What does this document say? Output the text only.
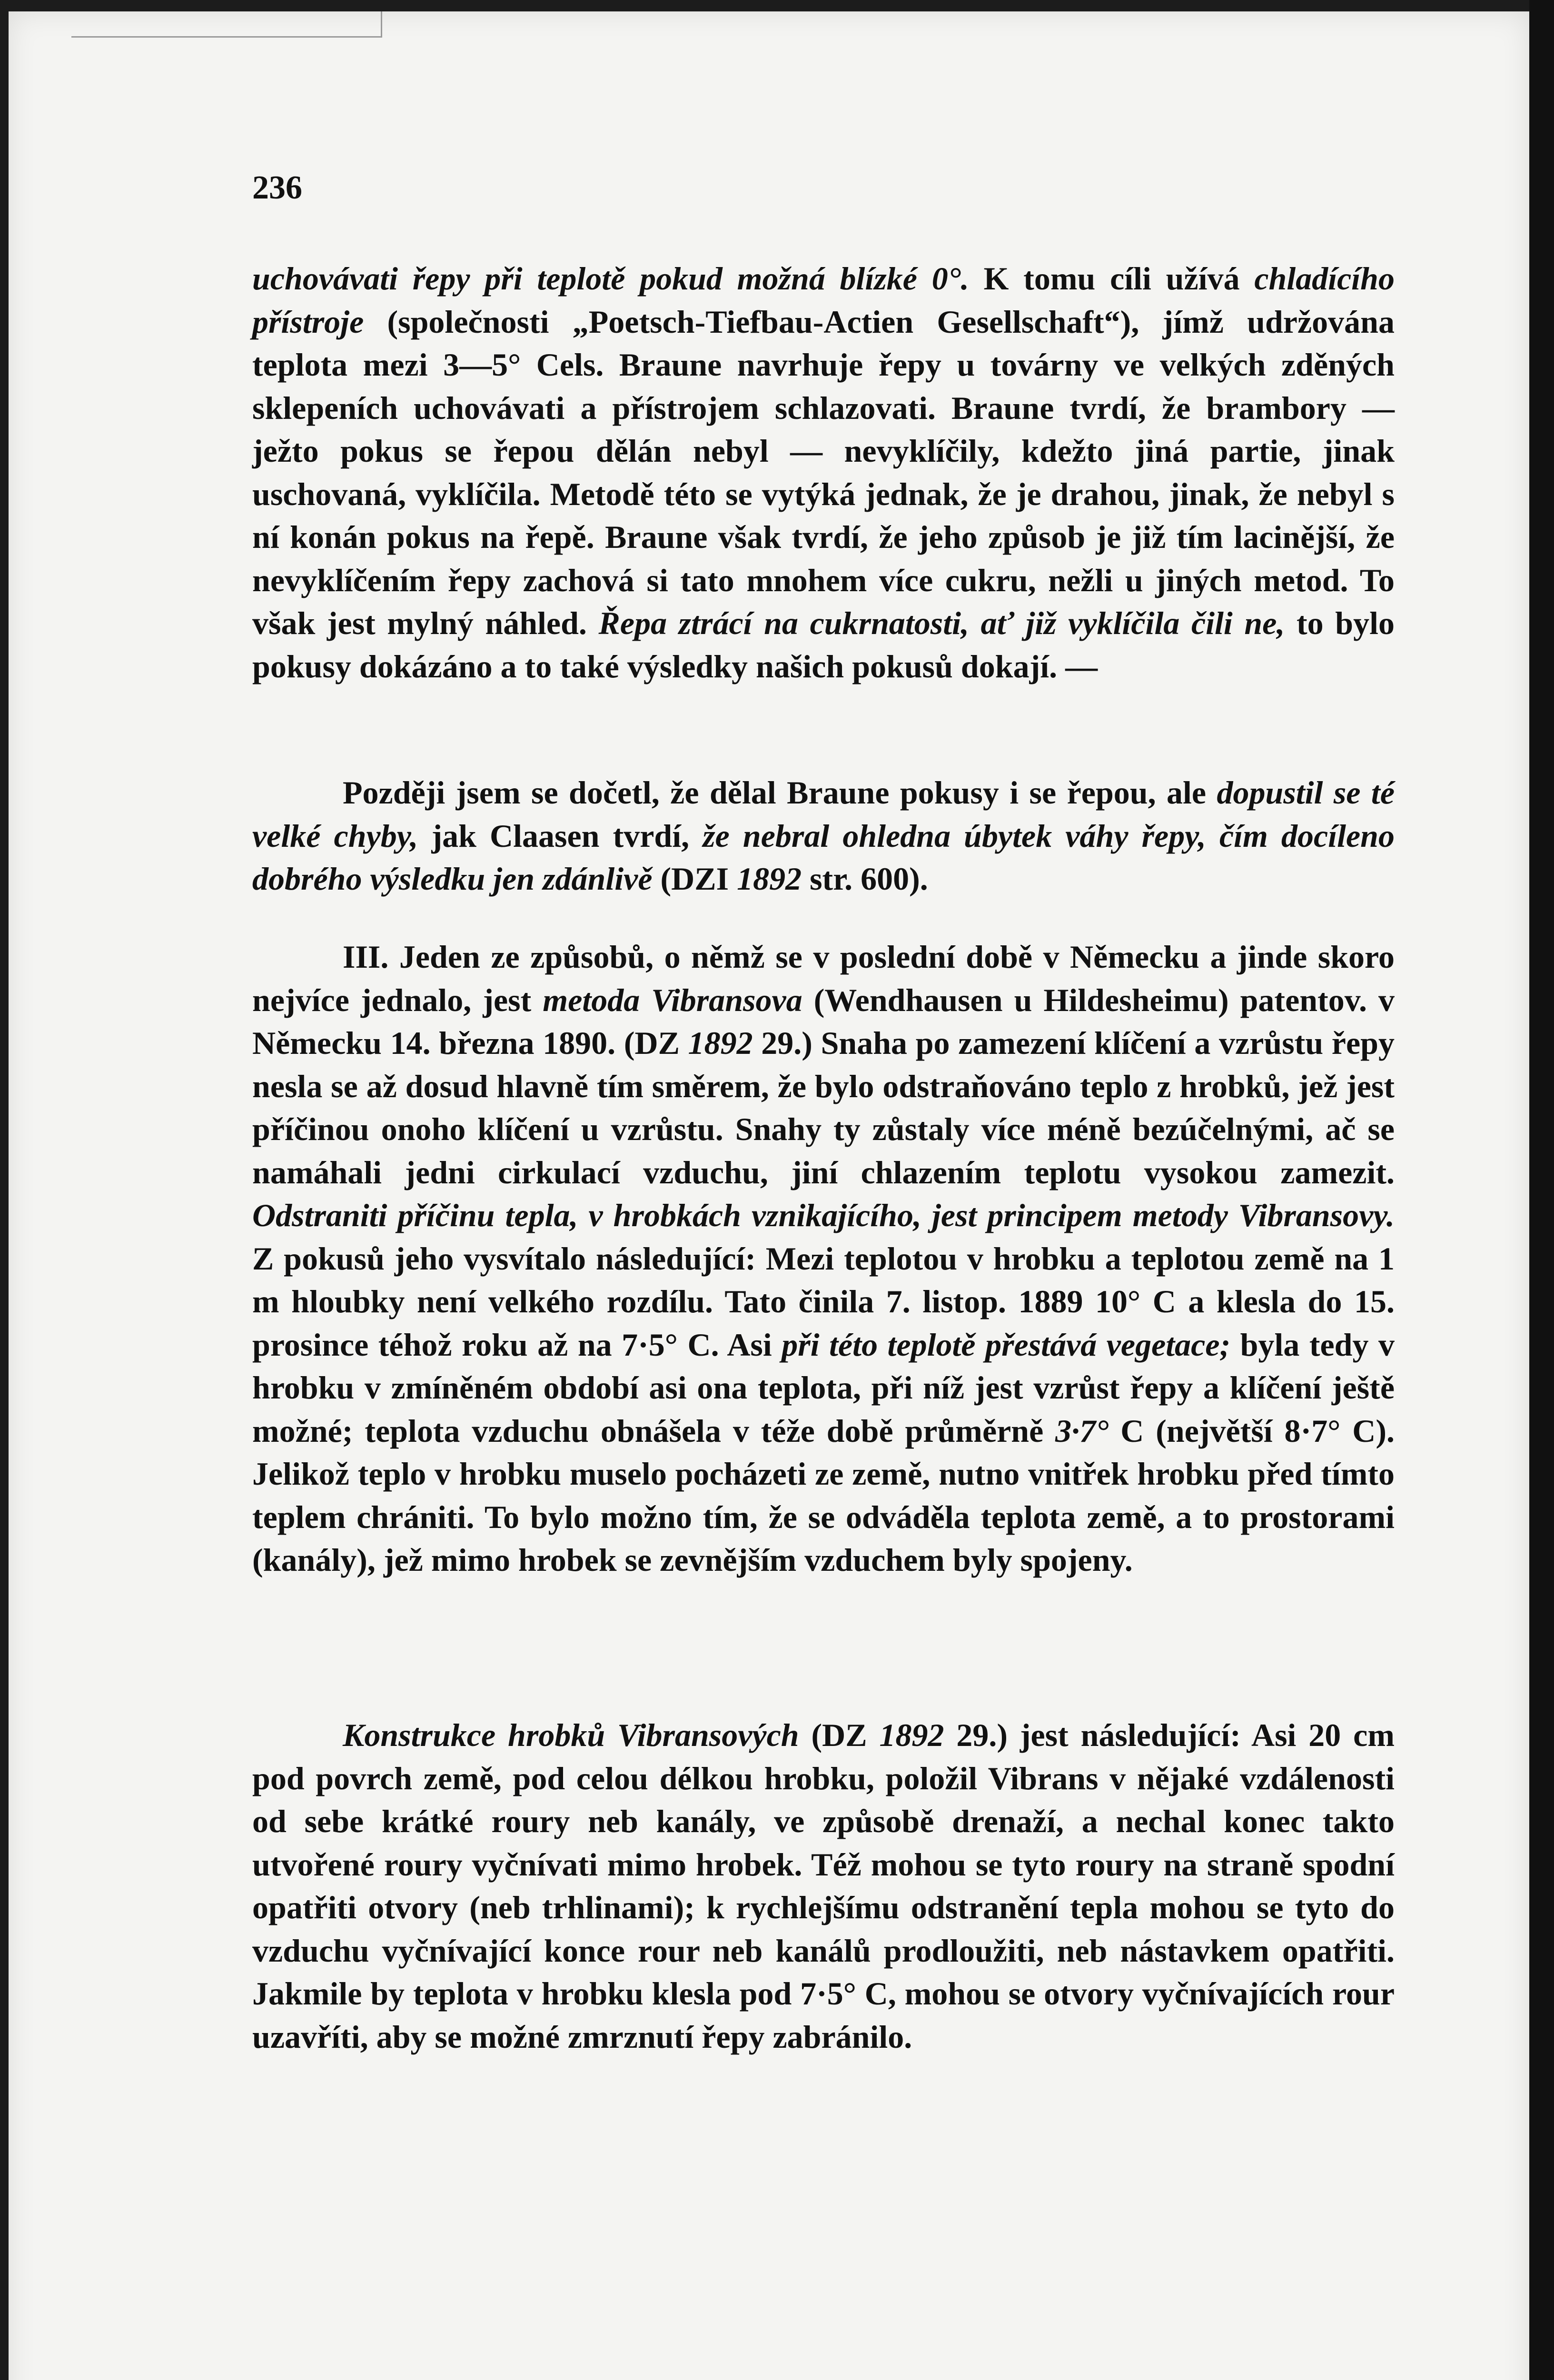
236

uchovávati řepy při teplotě pokud možná blízké 0°. K tomu cíli užívá chladícího přístroje (společnosti „Poetsch-Tiefbau-Actien Gesellschaft“), jímž udržována teplota mezi 3—5° Cels. Braune navrhuje řepy u továrny ve velkých zděných sklepeních uchovávati a přístrojem schlazovati. Braune tvrdí, že brambory — ježto pokus se řepou dělán nebyl — nevyklíčily, kdežto jiná partie, jinak uschovaná, vyklíčila. Metodě této se vytýká jednak, že je drahou, jinak, že nebyl s ní konán pokus na řepě. Braune však tvrdí, že jeho způsob je již tím lacinější, že nevyklíčením řepy zachová si tato mnohem více cukru, nežli u jiných metod. To však jest mylný náhled. Řepa ztrácí na cukrnatosti, ať již vyklíčila čili ne, to bylo pokusy dokázáno a to také výsledky našich pokusů dokají. —

Později jsem se dočetl, že dělal Braune pokusy i se řepou, ale dopustil se té velké chyby, jak Claasen tvrdí, že nebral ohledna úbytek váhy řepy, čím docíleno dobrého výsledku jen zdánlivě (DZI 1892 str. 600).

III. Jeden ze způsobů, o němž se v poslední době v Německu a jinde skoro nejvíce jednalo, jest metoda Vibransova (Wendhausen u Hildesheimu) patentov. v Německu 14. března 1890. (DZ 1892 29.) Snaha po zamezení klíčení a vzrůstu řepy nesla se až dosud hlavně tím směrem, že bylo odstraňováno teplo z hrobků, jež jest příčinou onoho klíčení u vzrůstu. Snahy ty zůstaly více méně bezúčelnými, ač se namáhali jedni cirkulací vzduchu, jiní chlazením teplotu vysokou zamezit. Odstraniti příčinu tepla, v hrobkách vznikajícího, jest principem metody Vibransovy. Z pokusů jeho vysvítalo následující: Mezi teplotou v hrobku a teplotou země na 1 m hloubky není velkého rozdílu. Tato činila 7. listop. 1889 10° C a klesla do 15. prosince téhož roku až na 7·5° C. Asi při této teplotě přestává vegetace; byla tedy v hrobku v zmíněném období asi ona teplota, při níž jest vzrůst řepy a klíčení ještě možné; teplota vzduchu obnášela v téže době průměrně 3·7° C (největší 8·7° C). Jelikož teplo v hrobku muselo pocházeti ze země, nutno vnitřek hrobku před tímto teplem chrániti. To bylo možno tím, že se odváděla teplota země, a to prostorami (kanály), jež mimo hrobek se zevnějším vzduchem byly spojeny.

Konstrukce hrobků Vibransových (DZ 1892 29.) jest následující: Asi 20 cm pod povrch země, pod celou délkou hrobku, položil Vibrans v nějaké vzdálenosti od sebe krátké roury neb kanály, ve způsobě drenaží, a nechal konec takto utvořené roury vyčnívati mimo hrobek. Též mohou se tyto roury na straně spodní opatřiti otvory (neb trhlinami); k rychlejšímu odstranění tepla mohou se tyto do vzduchu vyčnívající konce rour neb kanálů prodloužiti, neb nástavkem opatřiti. Jakmile by teplota v hrobku klesla pod 7·5° C, mohou se otvory vyčnívajících rour uzavříti, aby se možné zmrznutí řepy zabránilo.
